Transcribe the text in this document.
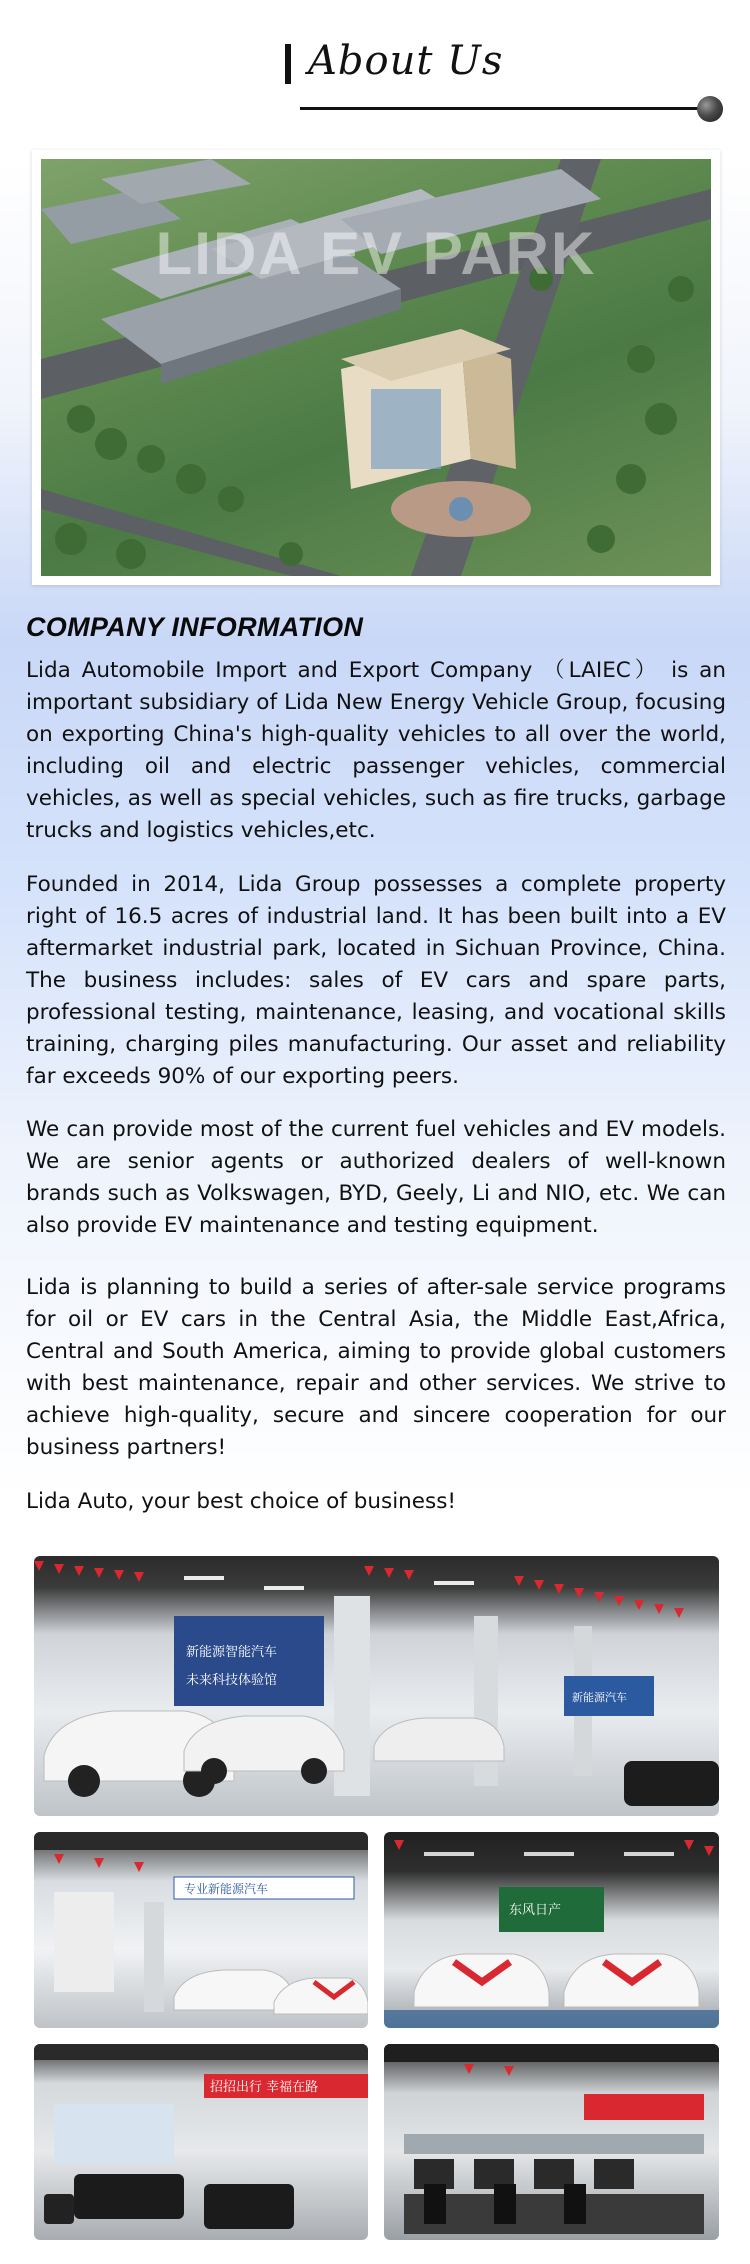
About Us
LIDA EV PARK
COMPANY INFORMATION

Lida Automobile Import and Export Company （LAIEC） is an important subsidiary of Lida New Energy Vehicle Group, focusing on exporting China's high-quality vehicles to all over the world, including oil and electric passenger vehicles, commercial vehicles, as well as special vehicles, such as fire trucks, garbage trucks and logistics vehicles,etc.

Founded in 2014, Lida Group possesses a complete property right of 16.5 acres of industrial land. It has been built into a EV aftermarket industrial park, located in Sichuan Province, China. The business includes: sales of EV cars and spare parts, professional testing, maintenance, leasing, and vocational skills training, charging piles manufacturing. Our asset and reliability far exceeds 90% of our exporting peers.

We can provide most of the current fuel vehicles and EV models. We are senior agents or authorized dealers of well-known brands such as Volkswagen, BYD, Geely, Li and NIO, etc. We can also provide EV maintenance and testing equipment.

Lida is planning to build a series of after-sale service programs for oil or EV cars in the Central Asia, the Middle East,Africa, Central and South America, aiming to provide global customers with best maintenance, repair and other services. We strive to achieve high-quality, secure and sincere cooperation for our business partners!

Lida Auto, your best choice of business!

新能源智能汽车
未来科技体验馆
新能源汽车
专业新能源汽车
东风日产
招招出行 幸福在路
